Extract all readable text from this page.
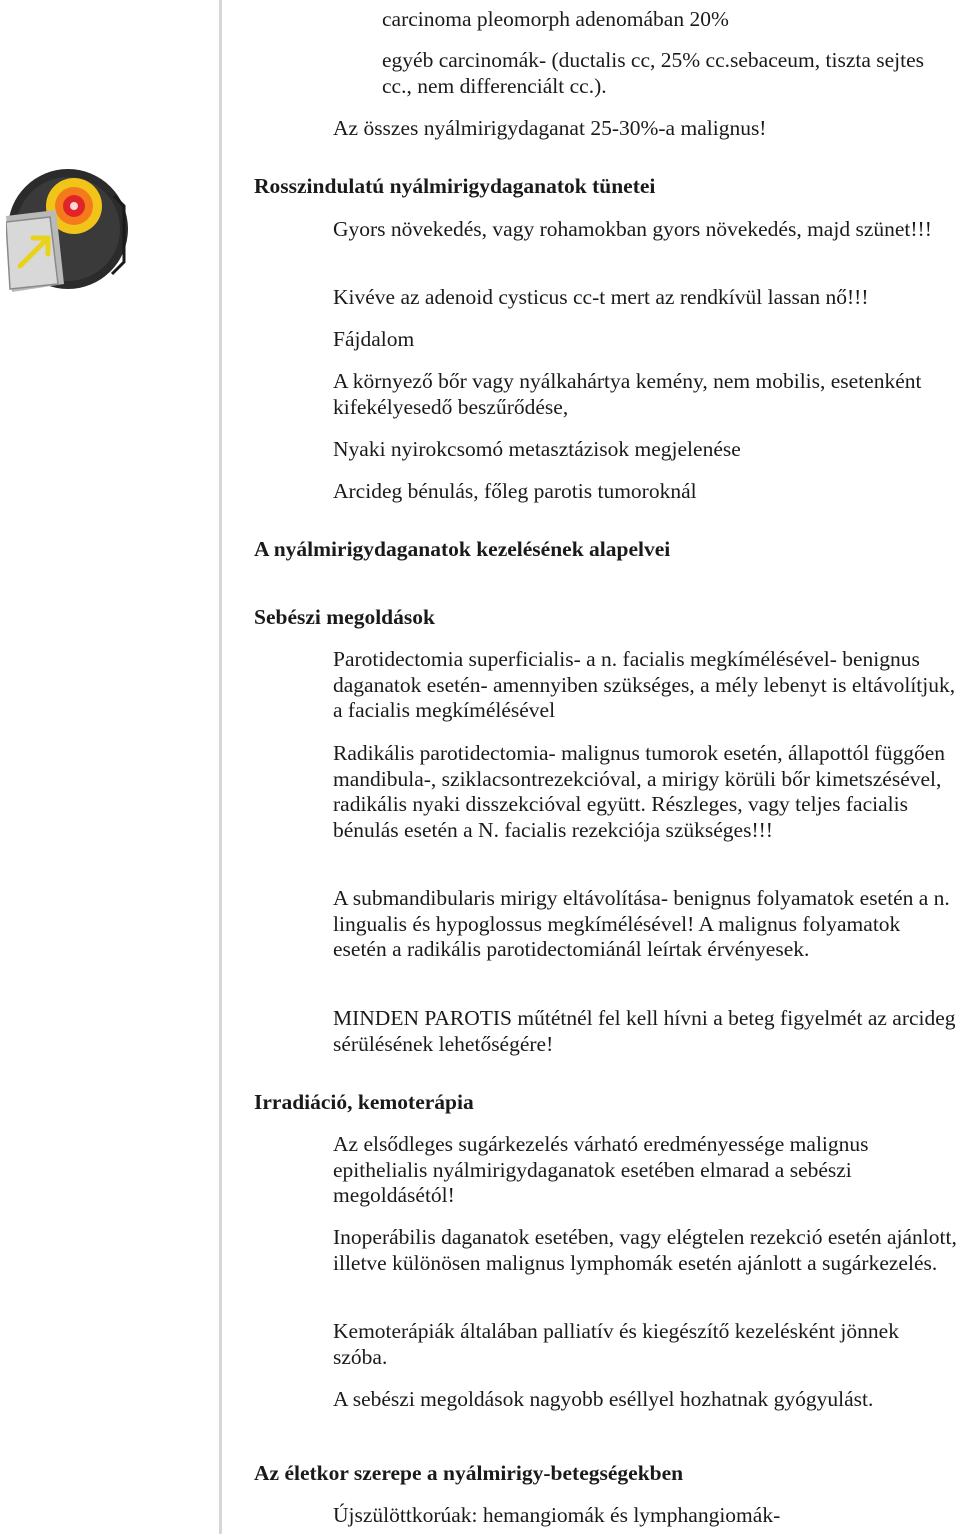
carcinoma pleomorph adenomában 20%

egyéb carcinomák- (ductalis cc, 25% cc.sebaceum, tiszta sejtes cc., nem differenciált cc.).

Az összes nyálmirigydaganat 25-30%-a malignus!

Rosszindulatú nyálmirigydaganatok tünetei

Gyors növekedés, vagy rohamokban gyors növekedés, majd szünet!!!

Kivéve az adenoid cysticus cc-t mert az rendkívül lassan nő!!!

Fájdalom

A környező bőr vagy nyálkahártya kemény, nem mobilis, esetenként kifekélyesedő beszűrődése,

Nyaki nyirokcsomó metasztázisok megjelenése

Arcideg bénulás, főleg parotis tumoroknál

A nyálmirigydaganatok kezelésének alapelvei
Sebészi megoldások

Parotidectomia superficialis- a n. facialis megkímélésével- benignus daganatok esetén- amennyiben szükséges, a mély lebenyt is eltávolítjuk, a facialis megkímélésével

Radikális parotidectomia- malignus tumorok esetén, állapottól függően mandibula-, sziklacsontrezekcióval, a mirigy körüli bőr kimetszésével, radikális nyaki disszekcióval együtt. Részleges, vagy teljes facialis bénulás esetén a N. facialis rezekciója szükséges!!!

A submandibularis mirigy eltávolítása- benignus folyamatok esetén a n. lingualis és hypoglossus megkímélésével! A malignus folyamatok esetén a radikális parotidectomiánál leírtak érvényesek.

MINDEN PAROTIS műtétnél fel kell hívni a beteg figyelmét az arcideg sérülésének lehetőségére!

Irradiáció, kemoterápia

Az elsődleges sugárkezelés várható eredményessége malignus epithelialis nyálmirigydaganatok esetében elmarad a sebészi megoldásétól!

Inoperábilis daganatok esetében, vagy elégtelen rezekció esetén ajánlott, illetve különösen malignus lymphomák esetén ajánlott a sugárkezelés.

Kemoterápiák általában palliatív és kiegészítő kezelésként jönnek szóba.

A sebészi megoldások nagyobb eséllyel hozhatnak gyógyulást.

Az életkor szerepe a nyálmirigy-betegségekben

Újszülöttkorúak: hemangiomák és lymphangiomák-
